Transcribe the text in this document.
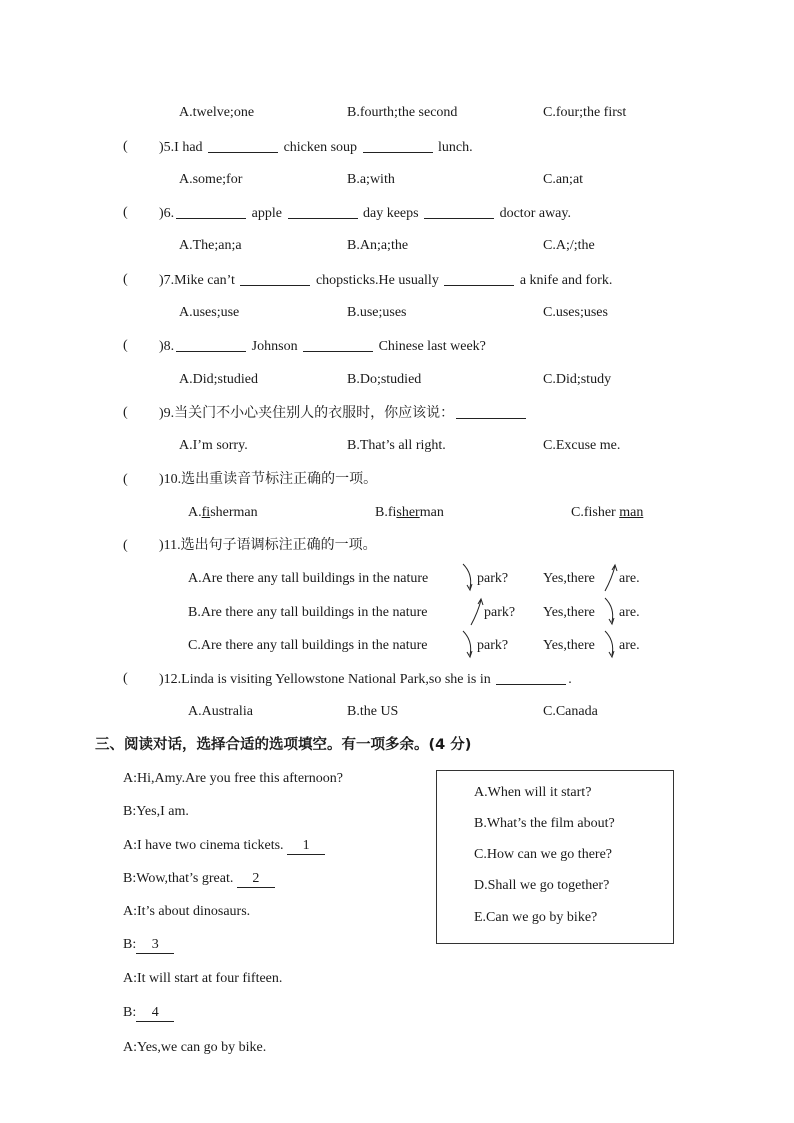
A.twelve;one	B.fourth;the second	C.four;the first
( )5.I had	chicken soup	lunch.
A.some;for	B.a;with	C.an;at
( )6.	apple	day keeps	doctor away.
A.The;an;a	B.An;a;the	C.A;/;the
( )7.Mike can’t	chopsticks.He usually	a knife and fork.
A.uses;use	B.use;uses	C.uses;uses
( )8.	Johnson	Chinese last week?
A.Did;studied	B.Do;studied	C.Did;study
( )9.当关门不小心夹住别人的衣服时，你应该说：
A.I’m sorry.	B.That’s all right.	C.Excuse me.
( )10.选出重读音节标注正确的一项。
A.fisherman	B.fisherman	C.fisher man
( )11.选出句子语调标注正确的一项。
A.Are there any tall buildings in the nature	park? Yes,there are.
B.Are there any tall buildings in the nature	park? Yes,there are.
C.Are there any tall buildings in the nature	park? Yes,there are.
( )12.Linda is visiting Yellowstone National Park,so she is in	.
A.Australia	B.the US	C.Canada
三、阅读对话，选择合适的选项填空。有一项多余。(4 分)
A:Hi,Amy.Are you free this afternoon?
B:Yes,I am.
A:I have two cinema tickets. 1
B:Wow,that’s great. 2
A:It’s about dinosaurs.
B: 3
A:It will start at four fifteen.
B: 4
A:Yes,we can go by bike.
A.When will it start?
B.What’s the film about?
C.How can we go there?
D.Shall we go together?
E.Can we go by bike?
